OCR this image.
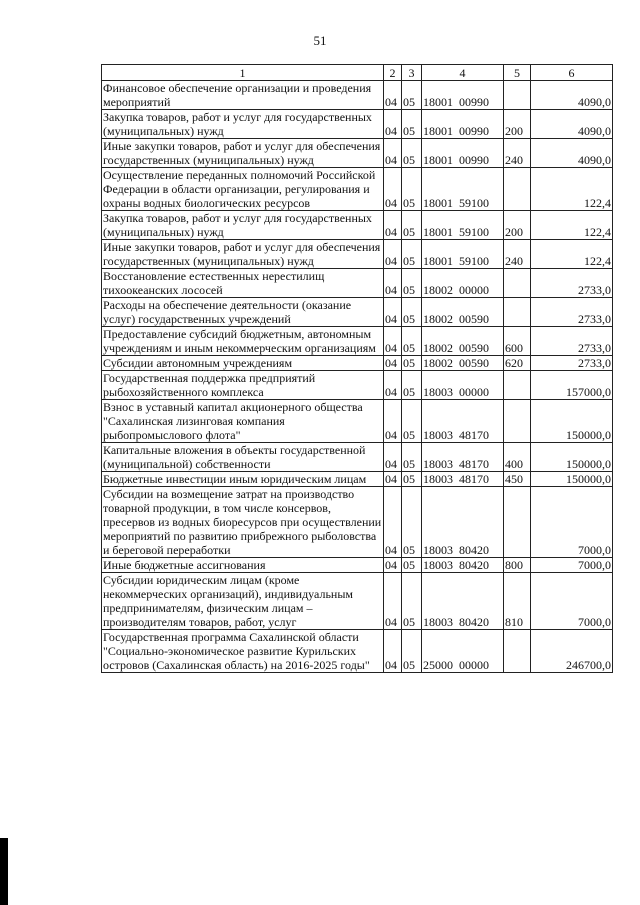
51
1	2	3	4	5	6
Финансовое обеспечение организации и проведения мероприятий	04	05	18001  00990		4090,0
Закупка товаров, работ и услуг для государственных (муниципальных) нужд	04	05	18001  00990	200	4090,0
Иные закупки товаров, работ и услуг для обеспечения государственных (муниципальных) нужд	04	05	18001  00990	240	4090,0
Осуществление переданных полномочий Российской Федерации в области организации, регулирования и охраны водных биологических ресурсов	04	05	18001  59100		122,4
Закупка товаров, работ и услуг для государственных (муниципальных) нужд	04	05	18001  59100	200	122,4
Иные закупки товаров, работ и услуг для обеспечения государственных (муниципальных) нужд	04	05	18001  59100	240	122,4
Восстановление естественных нерестилищ тихоокеанских лососей	04	05	18002  00000		2733,0
Расходы на обеспечение деятельности (оказание услуг) государственных учреждений	04	05	18002  00590		2733,0
Предоставление субсидий бюджетным, автономным учреждениям и иным некоммерческим организациям	04	05	18002  00590	600	2733,0
Субсидии автономным учреждениям	04	05	18002  00590	620	2733,0
Государственная поддержка предприятий рыбохозяйственного комплекса	04	05	18003  00000		157000,0
Взнос в уставный капитал акционерного общества "Сахалинская лизинговая компания рыбопромыслового флота"	04	05	18003  48170		150000,0
Капитальные вложения в объекты государственной (муниципальной) собственности	04	05	18003  48170	400	150000,0
Бюджетные инвестиции иным юридическим лицам	04	05	18003  48170	450	150000,0
Субсидии на возмещение затрат на производство товарной продукции, в том числе консервов, пресервов из водных биоресурсов при осуществлении мероприятий по развитию прибрежного рыболовства и береговой переработки	04	05	18003  80420		7000,0
Иные бюджетные ассигнования	04	05	18003  80420	800	7000,0
Субсидии юридическим лицам (кроме некоммерческих организаций), индивидуальным предпринимателям, физическим лицам – производителям товаров, работ, услуг	04	05	18003  80420	810	7000,0
Государственная программа Сахалинской области "Социально-экономическое развитие Курильских островов (Сахалинская область) на 2016-2025 годы"	04	05	25000  00000		246700,0
